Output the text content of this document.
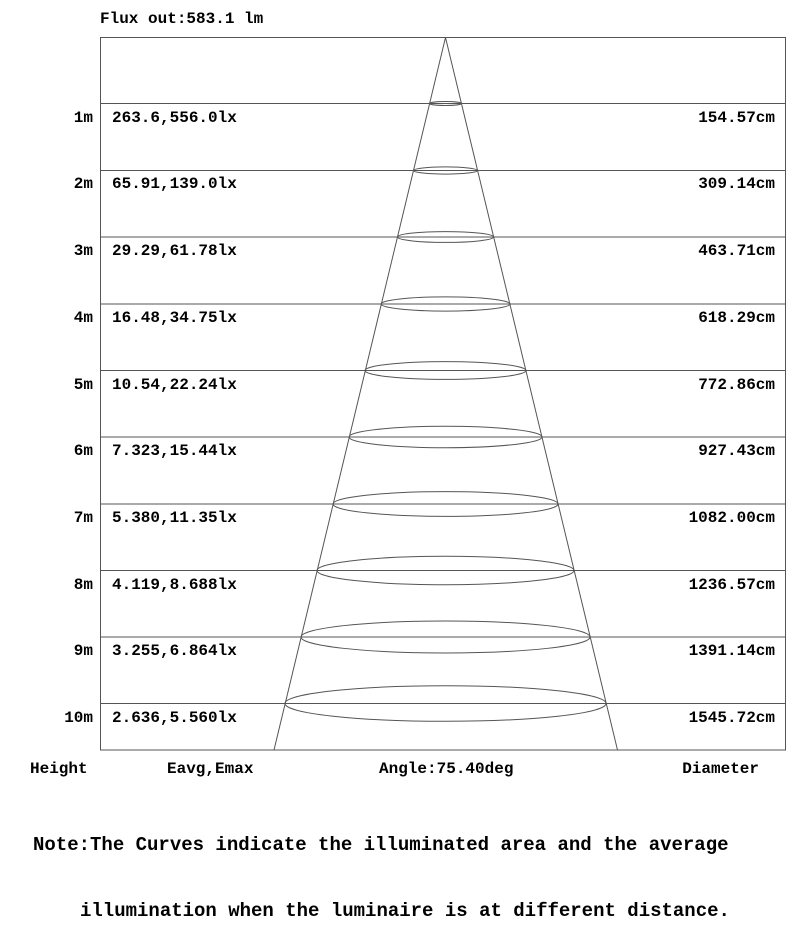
Flux out:583.1 lm
1m 263.6,556.0lx	154.57cm
2m 65.91,139.0lx	309.14cm
3m 29.29,61.78lx	463.71cm
4m 16.48,34.75lx	618.29cm
5m 10.54,22.24lx	772.86cm
6m 7.323,15.44lx	927.43cm
7m 5.380,11.35lx	1082.00cm
8m 4.119,8.688lx	1236.57cm
9m 3.255,6.864lx	1391.14cm
10m 2.636,5.560lx	1545.72cm
Height	Eavg,Emax	Angle:75.40deg	Diameter

Note:The Curves indicate the illuminated area and the average

illumination when the luminaire is at different distance.
